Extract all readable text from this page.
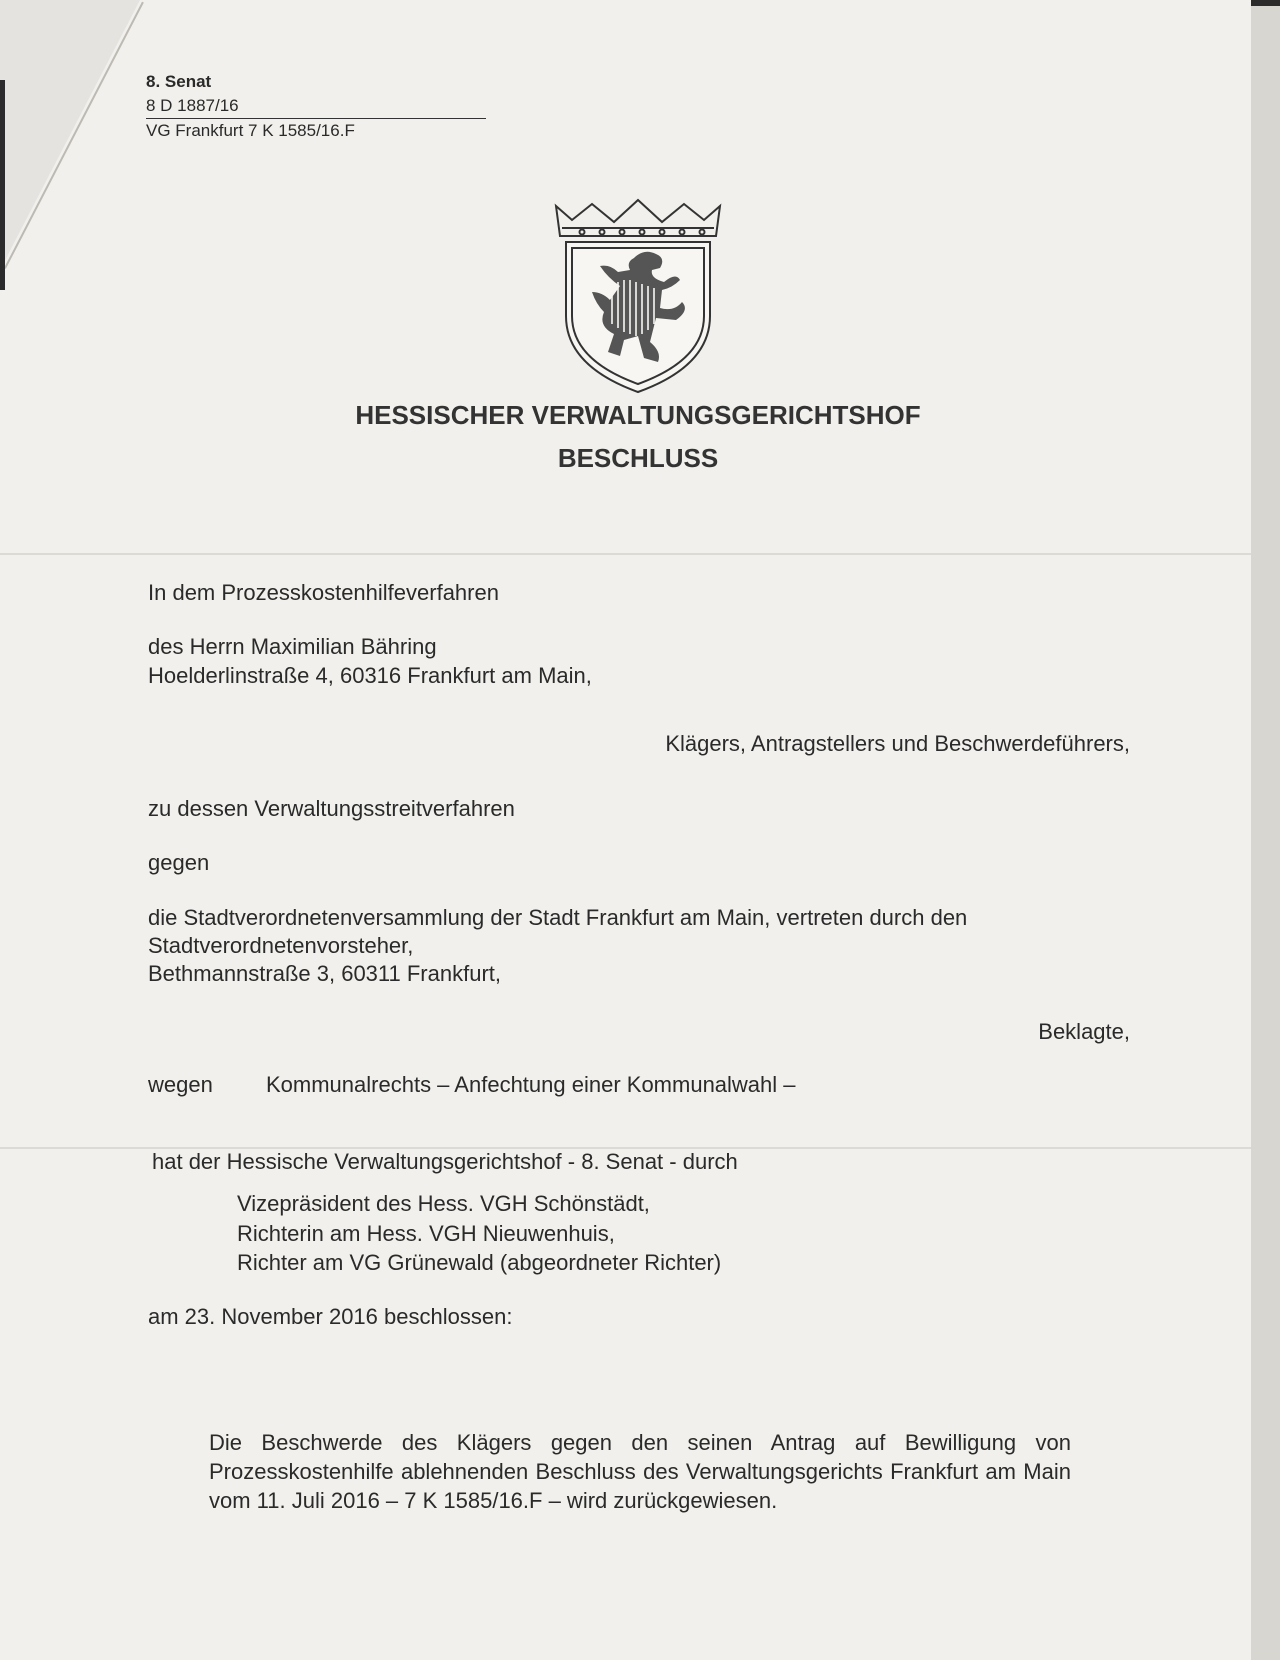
8. Senat
8 D 1887/16
VG Frankfurt 7 K 1585/16.F
HESSISCHER VERWALTUNGSGERICHTSHOF
BESCHLUSS
In dem Prozesskostenhilfeverfahren
des Herrn Maximilian Bähring
Hoelderlinstraße 4, 60316 Frankfurt am Main,
Klägers, Antragstellers und Beschwerdeführers,
zu dessen Verwaltungsstreitverfahren
gegen
die Stadtverordnetenversammlung der Stadt Frankfurt am Main, vertreten durch den
Stadtverordnetenvorsteher,
Bethmannstraße 3, 60311 Frankfurt,
Beklagte,
wegen Kommunalrechts – Anfechtung einer Kommunalwahl –
hat der Hessische Verwaltungsgerichtshof - 8. Senat - durch
Vizepräsident des Hess. VGH Schönstädt,
Richterin am Hess. VGH Nieuwenhuis,
Richter am VG Grünewald (abgeordneter Richter)
am 23. November 2016 beschlossen:
Die Beschwerde des Klägers gegen den seinen Antrag auf Bewilligung von Prozesskostenhilfe ablehnenden Beschluss des Verwaltungsgerichts Frankfurt am Main vom 11. Juli 2016 – 7 K 1585/16.F – wird zurückgewiesen.
